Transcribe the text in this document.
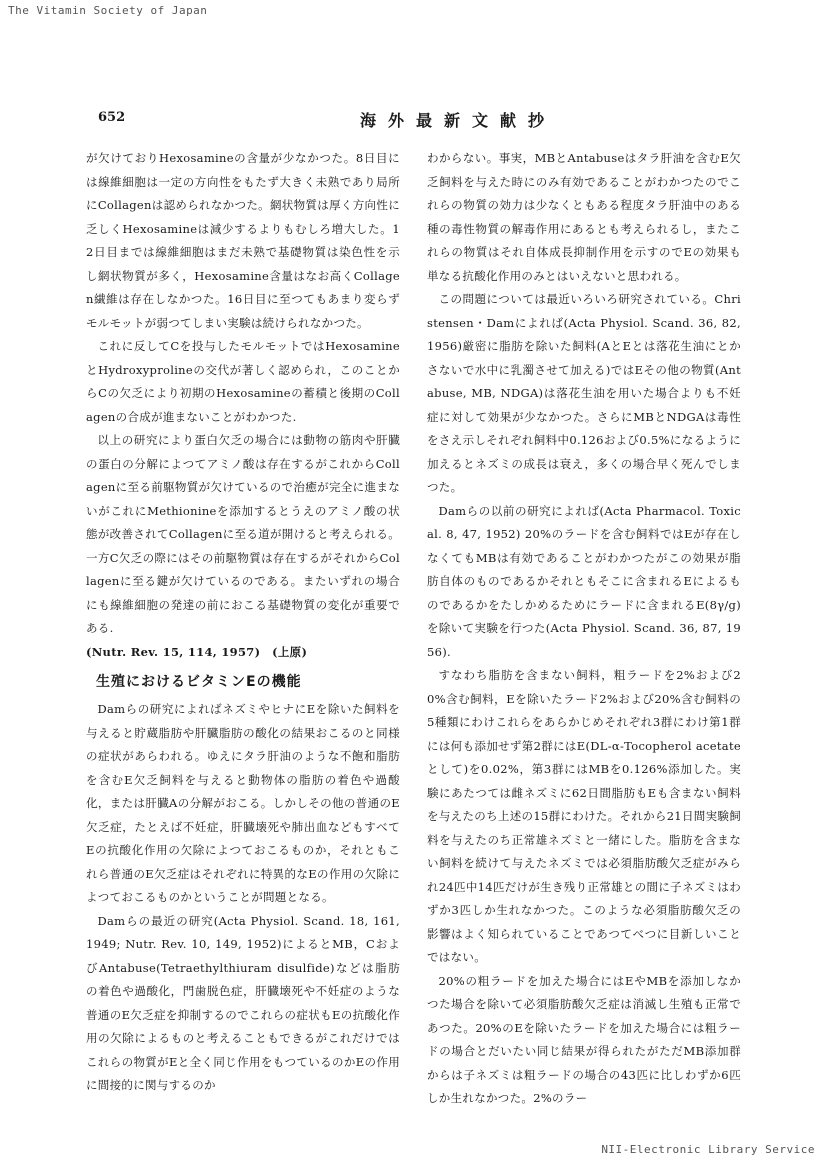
The Vitamin Society of Japan
652	海外最新文献抄

が欠けておりHexosamineの含量が少なかつた。8日目には線維細胞は一定の方向性をもたず大きく未熟であり局所にCollagenは認められなかつた。網状物質は厚く方向性に乏しくHexosamineは減少するよりもむしろ増大した。12日目までは線維細胞はまだ未熟で基礎物質は染色性を示し網状物質が多く，Hexosamine含量はなお高くCollagen繊維は存在しなかつた。16日目に至つてもあまり変らずモルモットが弱つてしまい実験は続けられなかつた。

これに反してCを投与したモルモットではHexosamineとHydroxyprolineの交代が著しく認められ，このことからCの欠乏により初期のHexosamineの蓄積と後期のCollagenの合成が進まないことがわかつた.

以上の研究により蛋白欠乏の場合には動物の筋肉や肝臓の蛋白の分解によつてアミノ酸は存在するがこれからCollagenに至る前駆物質が欠けているので治癒が完全に進まないがこれにMethionineを添加するとうえのアミノ酸の状態が改善されてCollagenに至る道が開けると考えられる。一方C欠乏の際にはその前駆物質は存在するがそれからCollagenに至る鍵が欠けているのである。またいずれの場合にも線維細胞の発達の前におこる基礎物質の変化が重要である.

(Nutr. Rev. 15, 114, 1957)　(上原)

生殖におけるビタミンEの機能

Damらの研究によればネズミやヒナにEを除いた飼料を与えると貯蔵脂肪や肝臓脂肪の酸化の結果おこるのと同様の症状があらわれる。ゆえにタラ肝油のような不飽和脂肪を含むE欠乏飼料を与えると動物体の脂肪の着色や過酸化，または肝臓Aの分解がおこる。しかしその他の普通のE欠乏症，たとえば不妊症，肝臓壊死や肺出血などもすべてEの抗酸化作用の欠除によつておこるものか，それともこれら普通のE欠乏症はそれぞれに特異的なEの作用の欠除によつておこるものかということが問題となる。

Damらの最近の研究(Acta Physiol. Scand. 18, 161, 1949; Nutr. Rev. 10, 149, 1952)によるとMB，CおよびAntabuse(Tetraethylthiuram disulfide)などは脂肪の着色や過酸化，門歯脱色症，肝臓壊死や不妊症のような普通のE欠乏症を抑制するのでこれらの症状もEの抗酸化作用の欠除によるものと考えることもできるがこれだけではこれらの物質がEと全く同じ作用をもつているのかEの作用に間接的に関与するのか

わからない。事実，MBとAntabuseはタラ肝油を含むE欠乏飼料を与えた時にのみ有効であることがわかつたのでこれらの物質の効力は少なくともある程度タラ肝油中のある種の毒性物質の解毒作用にあるとも考えられるし，またこれらの物質はそれ自体成長抑制作用を示すのでEの効果も単なる抗酸化作用のみとはいえないと思われる。

この問題については最近いろいろ研究されている。Christensen・Damによれば(Acta Physiol. Scand. 36, 82, 1956)厳密に脂肪を除いた飼料(AとEとは落花生油にとかさないで水中に乳濁させて加える)ではEその他の物質(Antabuse, MB, NDGA)は落花生油を用いた場合よりも不妊症に対して効果が少なかつた。さらにMBとNDGAは毒性をさえ示しそれぞれ飼料中0.126および0.5%になるように加えるとネズミの成長は衰え，多くの場合早く死んでしまつた。

Damらの以前の研究によれば(Acta Pharmacol. Toxical. 8, 47, 1952) 20%のラードを含む飼料ではEが存在しなくてもMBは有効であることがわかつたがこの効果が脂肪自体のものであるかそれともそこに含まれるEによるものであるかをたしかめるためにラードに含まれるE(8γ/g)を除いて実験を行つた(Acta Physiol. Scand. 36, 87, 1956).

すなわち脂肪を含まない飼料，粗ラードを2%および20%含む飼料，Eを除いたラード2%および20%含む飼料の5種類にわけこれらをあらかじめそれぞれ3群にわけ第1群には何も添加せず第2群にはE(DL-α-Tocopherol acetateとして)を0.02%，第3群にはMBを0.126%添加した。実験にあたつては雌ネズミに62日間脂肪もEも含まない飼料を与えたのち上述の15群にわけた。それから21日間実験飼料を与えたのち正常雄ネズミと一緒にした。脂肪を含まない飼料を続けて与えたネズミでは必須脂肪酸欠乏症がみられ24匹中14匹だけが生き残り正常雄との間に子ネズミはわずか3匹しか生れなかつた。このような必須脂肪酸欠乏の影響はよく知られていることであつてべつに目新しいことではない。

20%の粗ラードを加えた場合にはEやMBを添加しなかつた場合を除いて必須脂肪酸欠乏症は消滅し生殖も正常であつた。20%のEを除いたラードを加えた場合には粗ラードの場合とだいたい同じ結果が得られたがただMB添加群からは子ネズミは粗ラードの場合の43匹に比しわずか6匹しか生れなかつた。2%のラー

NII-Electronic Library Service
